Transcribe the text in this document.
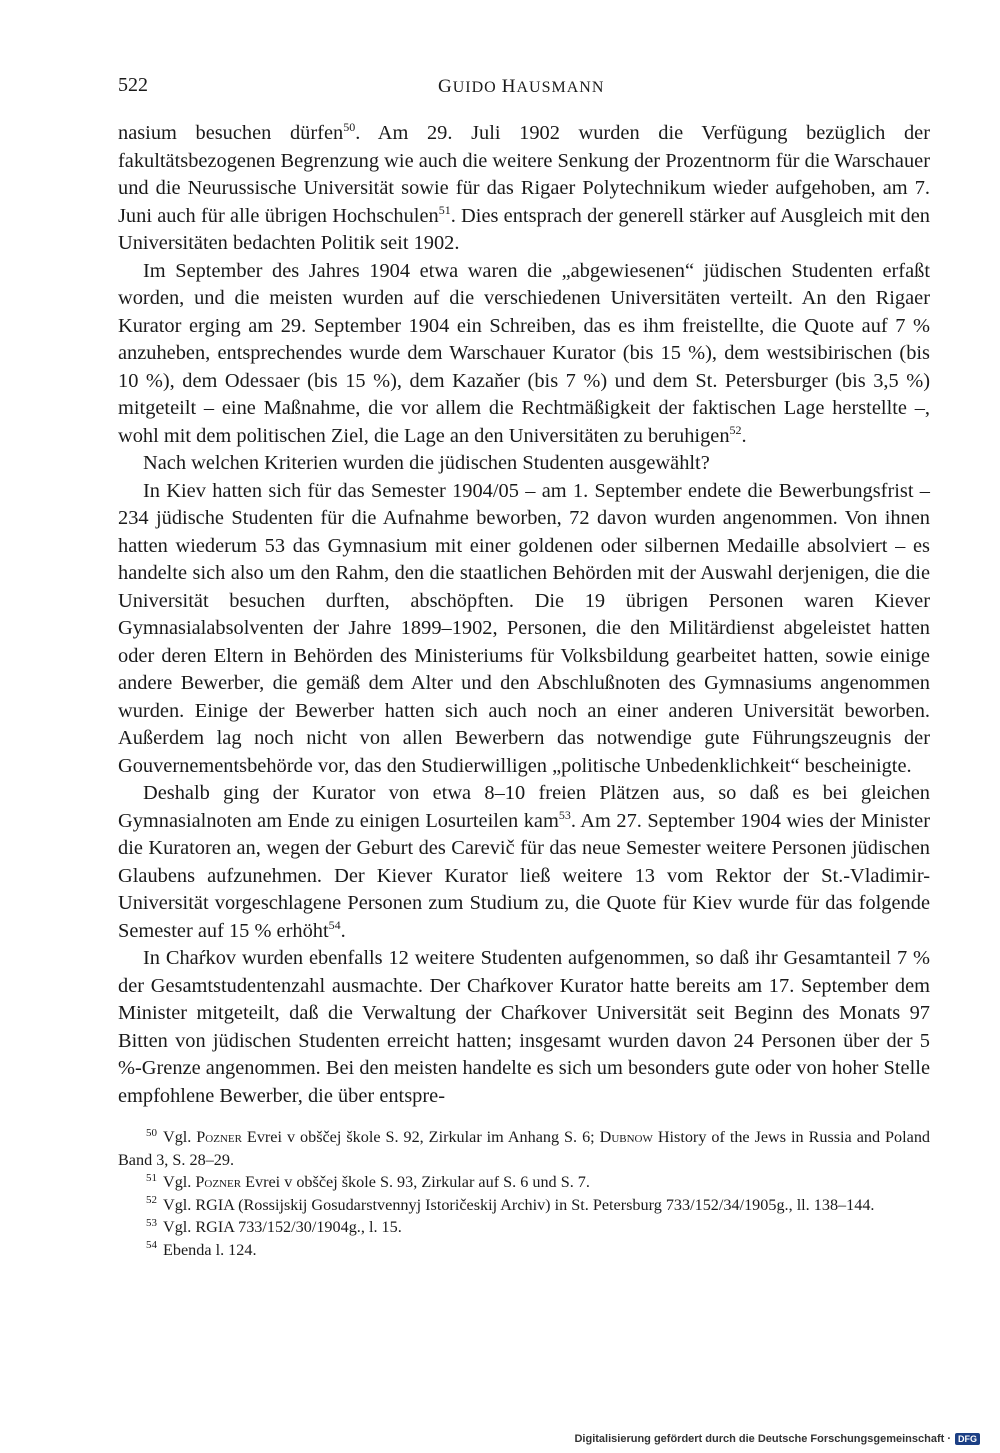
522	GUIDO HAUSMANN

nasium besuchen dürfen$^{50}$. Am 29. Juli 1902 wurden die Verfügung bezüglich der fakultätsbezogenen Begrenzung wie auch die weitere Senkung der Prozentnorm für die Warschauer und die Neurussische Universität sowie für das Rigaer Polytechnikum wieder aufgehoben, am 7. Juni auch für alle übrigen Hochschulen$^{51}$. Dies entsprach der generell stärker auf Ausgleich mit den Universitäten bedachten Politik seit 1902.

Im September des Jahres 1904 etwa waren die „abgewiesenen“ jüdischen Studenten erfaßt worden, und die meisten wurden auf die verschiedenen Universitäten verteilt. An den Rigaer Kurator erging am 29. September 1904 ein Schreiben, das es ihm freistellte, die Quote auf 7 % anzuheben, entsprechendes wurde dem Warschauer Kurator (bis 15 %), dem westsibirischen (bis 10 %), dem Odessaer (bis 15 %), dem Kazaňer (bis 7 %) und dem St. Petersburger (bis 3,5 %) mitgeteilt – eine Maßnahme, die vor allem die Rechtmäßigkeit der faktischen Lage herstellte –, wohl mit dem politischen Ziel, die Lage an den Universitäten zu beruhigen$^{52}$.

Nach welchen Kriterien wurden die jüdischen Studenten ausgewählt?

In Kiev hatten sich für das Semester 1904/05 – am 1. September endete die Bewerbungsfrist – 234 jüdische Studenten für die Aufnahme beworben, 72 davon wurden angenommen. Von ihnen hatten wiederum 53 das Gymnasium mit einer goldenen oder silbernen Medaille absolviert – es handelte sich also um den Rahm, den die staatlichen Behörden mit der Auswahl derjenigen, die die Universität besuchen durften, abschöpften. Die 19 übrigen Personen waren Kiever Gymnasialabsolventen der Jahre 1899–1902, Personen, die den Militärdienst abgeleistet hatten oder deren Eltern in Behörden des Ministeriums für Volksbildung gearbeitet hatten, sowie einige andere Bewerber, die gemäß dem Alter und den Abschlußnoten des Gymnasiums angenommen wurden. Einige der Bewerber hatten sich auch noch an einer anderen Universität beworben. Außerdem lag noch nicht von allen Bewerbern das notwendige gute Führungszeugnis der Gouvernementsbehörde vor, das den Studierwilligen „politische Unbedenklichkeit“ bescheinigte.

Deshalb ging der Kurator von etwa 8–10 freien Plätzen aus, so daß es bei gleichen Gymnasialnoten am Ende zu einigen Losurteilen kam$^{53}$. Am 27. September 1904 wies der Minister die Kuratoren an, wegen der Geburt des Carevič für das neue Semester weitere Personen jüdischen Glaubens aufzunehmen. Der Kiever Kurator ließ weitere 13 vom Rektor der St.-Vladimir-Universität vorgeschlagene Personen zum Studium zu, die Quote für Kiev wurde für das folgende Semester auf 15 % erhöht$^{54}$.

In Chaŕkov wurden ebenfalls 12 weitere Studenten aufgenommen, so daß ihr Gesamtanteil 7 % der Gesamtstudentenzahl ausmachte. Der Chaŕkover Kurator hatte bereits am 17. September dem Minister mitgeteilt, daß die Verwaltung der Chaŕkover Universität seit Beginn des Monats 97 Bitten von jüdischen Studenten erreicht hatten; insgesamt wurden davon 24 Personen über der 5 %-Grenze angenommen. Bei den meisten handelte es sich um besonders gute oder von hoher Stelle empfohlene Bewerber, die über entspre-

$^{50}$ Vgl. Pozner Evrei v obščej škole S. 92, Zirkular im Anhang S. 6; Dubnow History of the Jews in Russia and Poland Band 3, S. 28–29.

$^{51}$ Vgl. Pozner Evrei v obščej škole S. 93, Zirkular auf S. 6 und S. 7.

$^{52}$ Vgl. RGIA (Rossijskij Gosudarstvennyj Istoričeskij Archiv) in St. Petersburg 733/152/34/1905g., ll. 138–144.

$^{53}$ Vgl. RGIA 733/152/30/1904g., l. 15.

$^{54}$ Ebenda l. 124.

Digitalisierung gefördert durch die Deutsche Forschungsgemeinschaft · DFG
